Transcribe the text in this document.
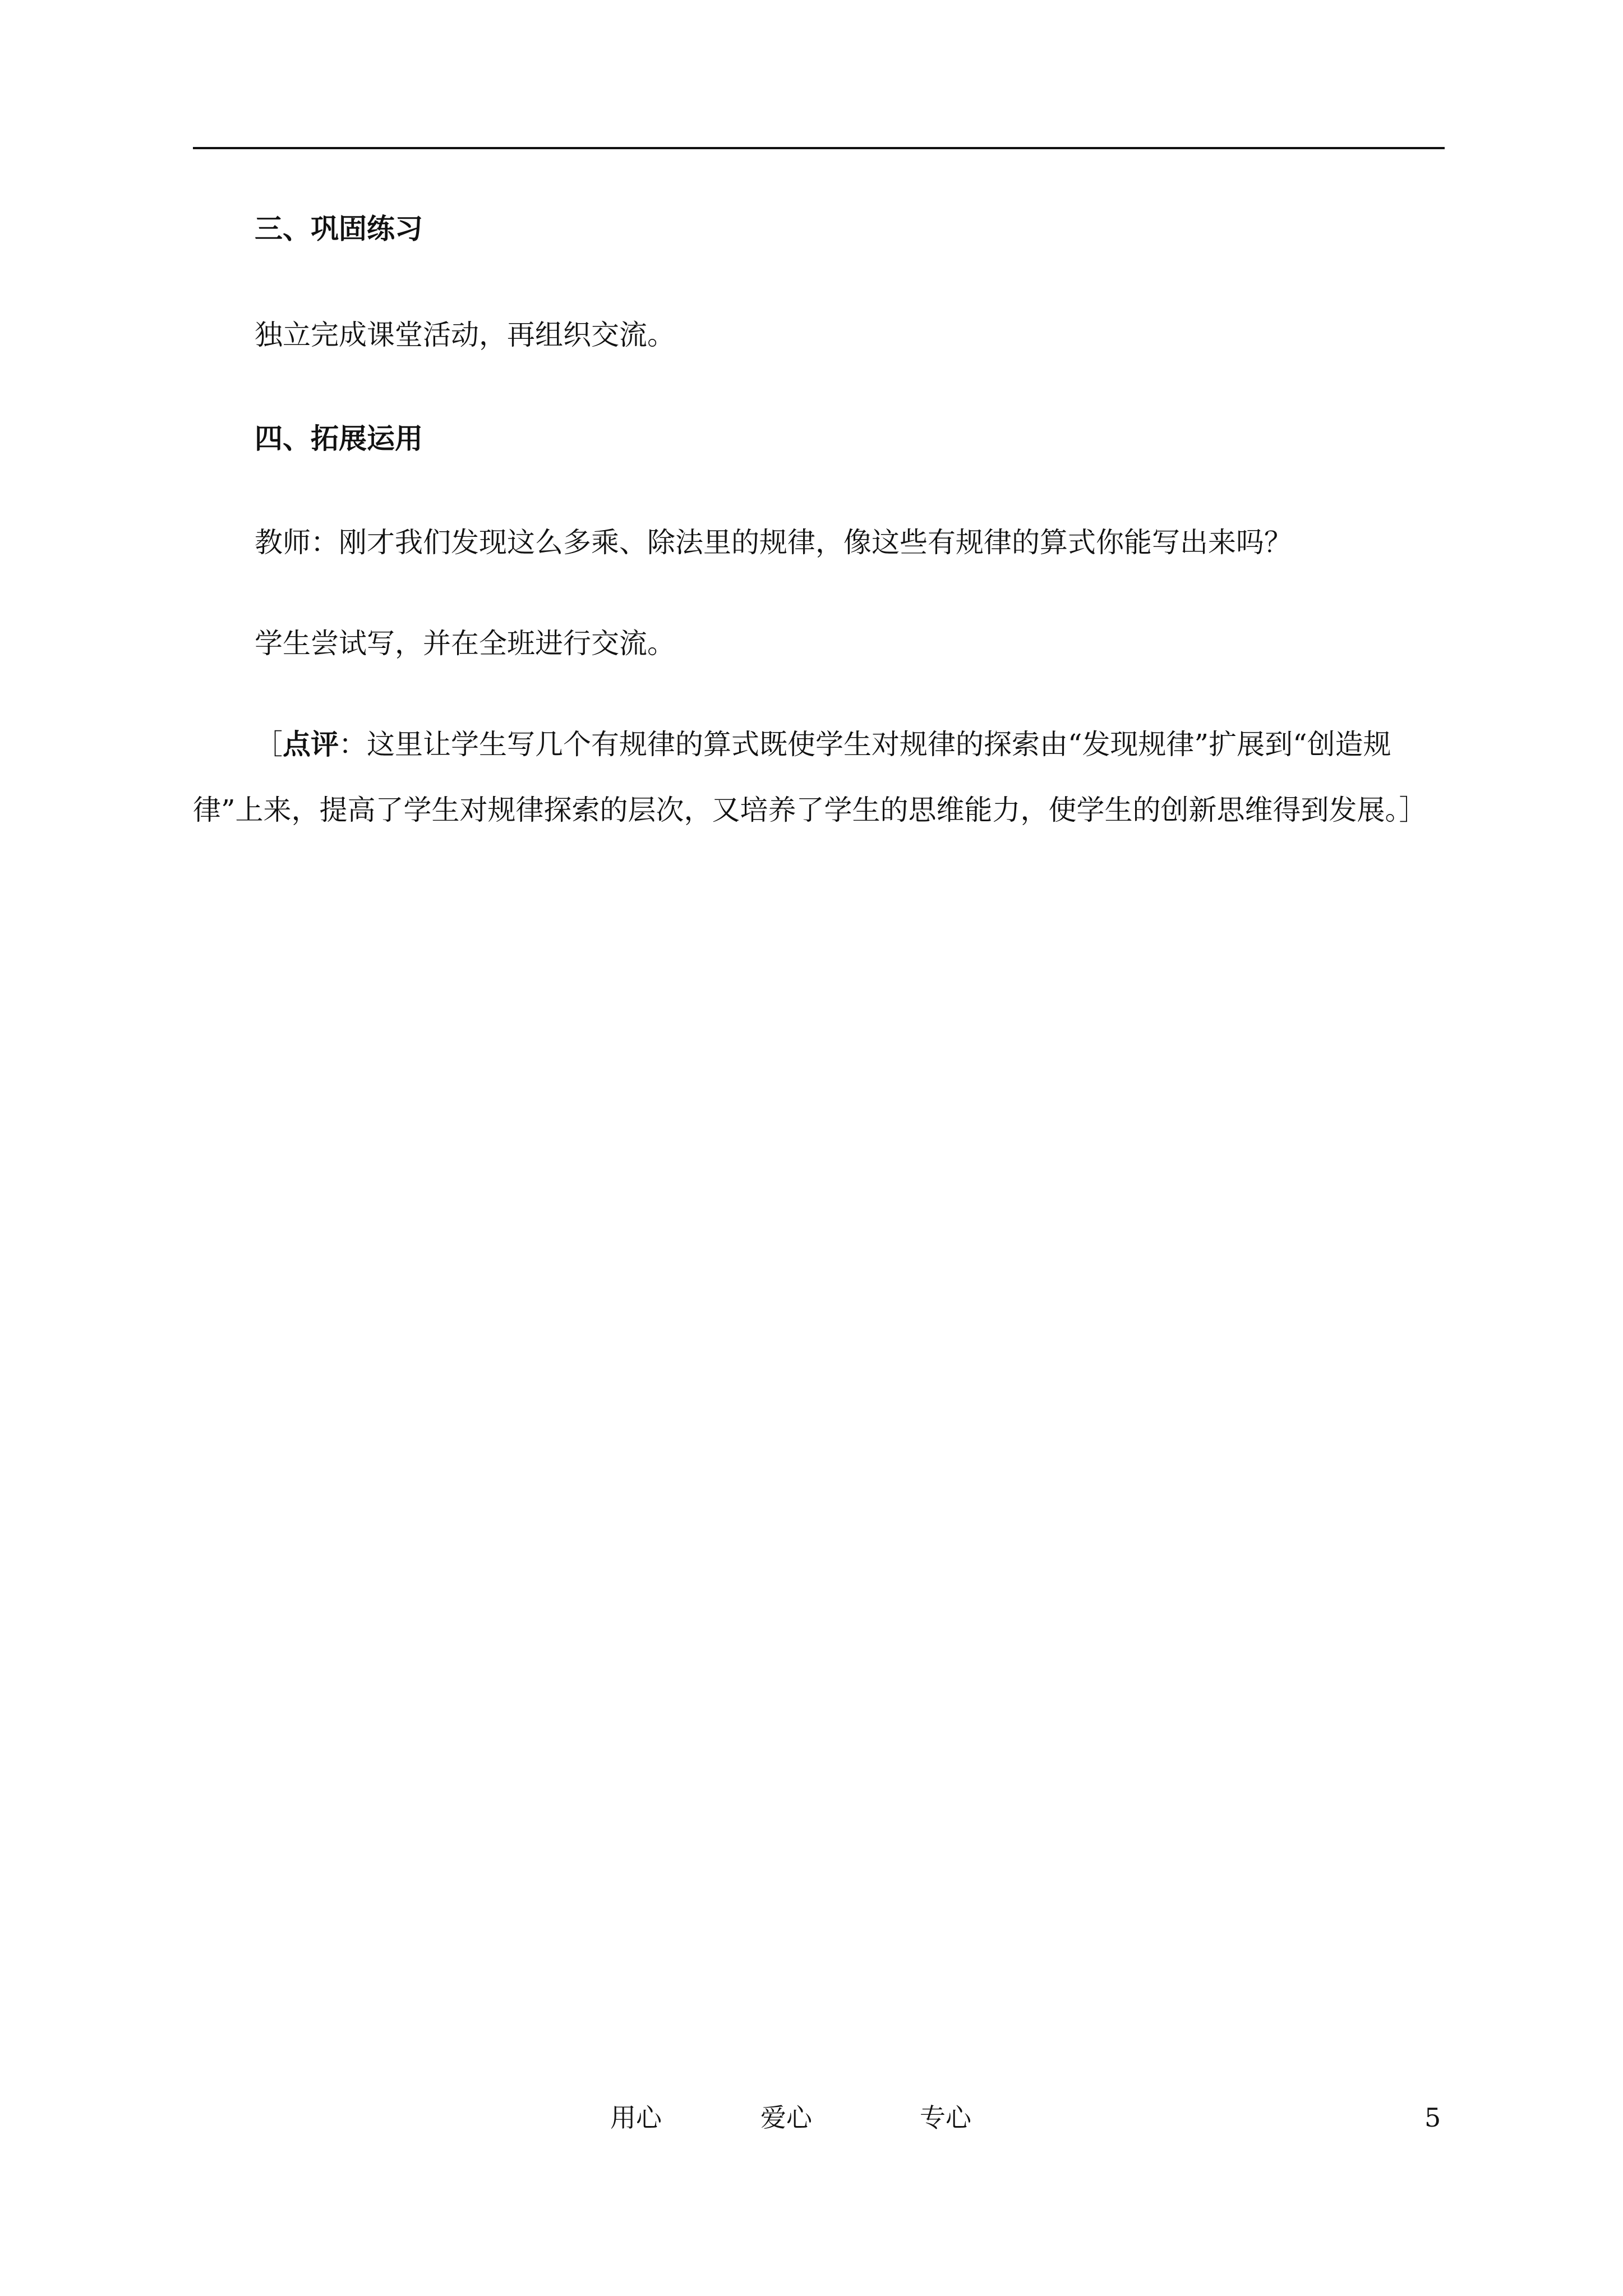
三、巩固练习
独立完成课堂活动，再组织交流。
四、拓展运用
教师：刚才我们发现这么多乘、除法里的规律，像这些有规律的算式你能写出来吗？
学生尝试写，并在全班进行交流。
［点评：这里让学生写几个有规律的算式既使学生对规律的探索由“发现规律”扩展到“创造规律”上来，提高了学生对规律探索的层次，又培养了学生的思维能力，使学生的创新思维得到发展。］
用心	爱心	专心	5
